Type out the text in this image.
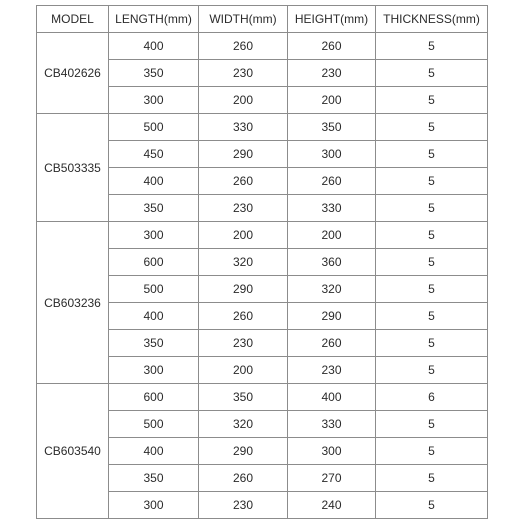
MODEL	LENGTH(mm)	WIDTH(mm)	HEIGHT(mm)	THICKNESS(mm)
CB402626	400	260	260	5
	350	230	230	5
	300	200	200	5
CB503335	500	330	350	5
	450	290	300	5
	400	260	260	5
	350	230	330	5
CB603236	300	200	200	5
	600	320	360	5
	500	290	320	5
	400	260	290	5
	350	230	260	5
	300	200	230	5
CB603540	600	350	400	6
	500	320	330	5
	400	290	300	5
	350	260	270	5
	300	230	240	5
